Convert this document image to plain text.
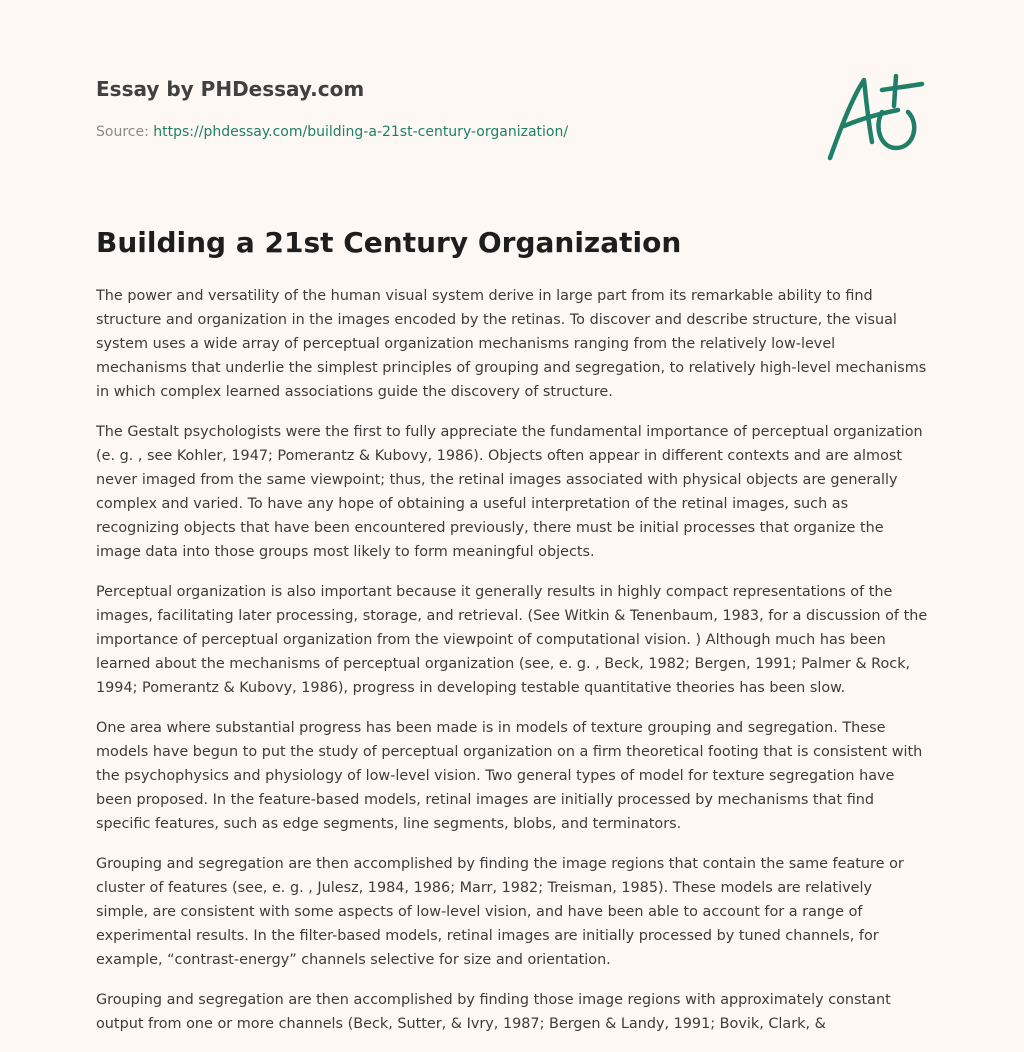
Essay by PHDessay.com
Source: https://phdessay.com/building-a-21st-century-organization/
Building a 21st Century Organization

The power and versatility of the human visual system derive in large part from its remarkable ability to find structure and organization in the images encoded by the retinas. To discover and describe structure, the visual system uses a wide array of perceptual organization mechanisms ranging from the relatively low-level mechanisms that underlie the simplest principles of grouping and segregation, to relatively high-level mechanisms in which complex learned associations guide the discovery of structure.

The Gestalt psychologists were the first to fully appreciate the fundamental importance of perceptual organization (e. g. , see Kohler, 1947; Pomerantz & Kubovy, 1986). Objects often appear in different contexts and are almost never imaged from the same viewpoint; thus, the retinal images associated with physical objects are generally complex and varied. To have any hope of obtaining a useful interpretation of the retinal images, such as recognizing objects that have been encountered previously, there must be initial processes that organize the image data into those groups most likely to form meaningful objects.

Perceptual organization is also important because it generally results in highly compact representations of the images, facilitating later processing, storage, and retrieval. (See Witkin & Tenenbaum, 1983, for a discussion of the importance of perceptual organization from the viewpoint of computational vision. ) Although much has been learned about the mechanisms of perceptual organization (see, e. g. , Beck, 1982; Bergen, 1991; Palmer & Rock, 1994; Pomerantz & Kubovy, 1986), progress in developing testable quantitative theories has been slow.

One area where substantial progress has been made is in models of texture grouping and segregation. These models have begun to put the study of perceptual organization on a firm theoretical footing that is consistent with the psychophysics and physiology of low-level vision. Two general types of model for texture segregation have been proposed. In the feature-based models, retinal images are initially processed by mechanisms that find specific features, such as edge segments, line segments, blobs, and terminators.

Grouping and segregation are then accomplished by finding the image regions that contain the same feature or cluster of features (see, e. g. , Julesz, 1984, 1986; Marr, 1982; Treisman, 1985). These models are relatively simple, are consistent with some aspects of low-level vision, and have been able to account for a range of experimental results. In the filter-based models, retinal images are initially processed by tuned channels, for example, “contrast-energy” channels selective for size and orientation.

Grouping and segregation are then accomplished by finding those image regions with approximately constant output from one or more channels (Beck, Sutter, & Ivry, 1987; Bergen & Landy, 1991; Bovik, Clark, &
